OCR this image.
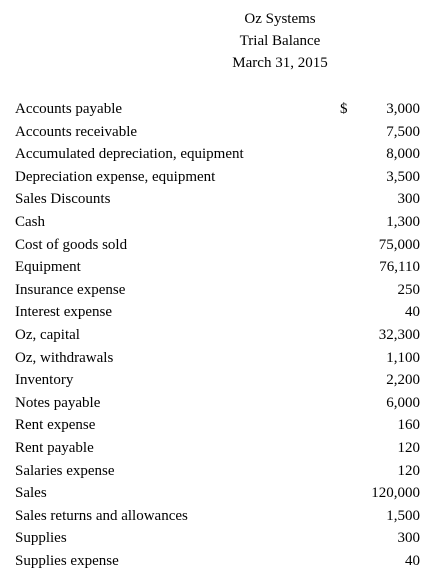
Oz Systems
Trial Balance
March 31, 2015
Accounts payable	$	3,000
Accounts receivable	7,500
Accumulated depreciation, equipment	8,000
Depreciation expense, equipment	3,500
Sales Discounts	300
Cash	1,300
Cost of goods sold	75,000
Equipment	76,110
Insurance expense	250
Interest expense	40
Oz, capital	32,300
Oz, withdrawals	1,100
Inventory	2,200
Notes payable	6,000
Rent expense	160
Rent payable	120
Salaries expense	120
Sales	120,000
Sales returns and allowances	1,500
Supplies	300
Supplies expense	40
